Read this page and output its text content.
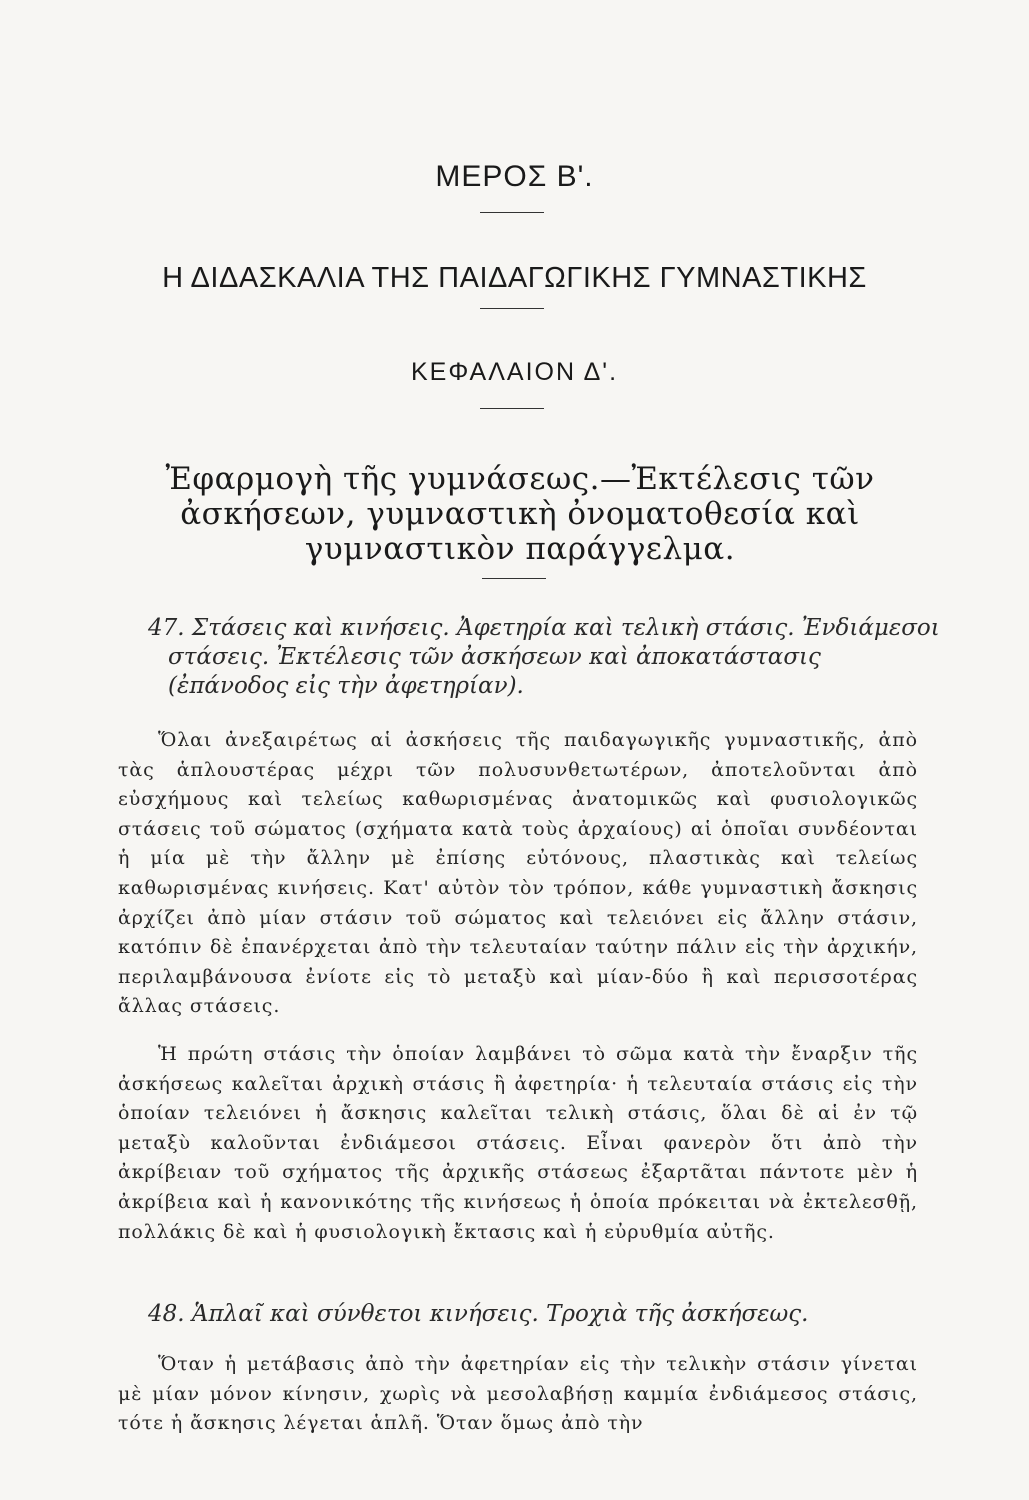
ΜΕΡΟΣ Β'.
Η ΔΙΔΑΣΚΑΛΙΑ ΤΗΣ ΠΑΙΔΑΓΩΓΙΚΗΣ ΓΥΜΝΑΣΤΙΚΗΣ
ΚΕΦΑΛΑΙΟΝ Δ'.
Ἐφαρμογὴ τῆς γυμνάσεως.—Ἐκτέλεσις τῶν ἀσκήσεων, γυμναστικὴ ὀνοματοθεσία καὶ γυμναστικὸν παράγγελμα.
47. Στάσεις καὶ κινήσεις. Ἀφετηρία καὶ τελικὴ στάσις. Ἐνδιάμεσοι στάσεις. Ἐκτέλεσις τῶν ἀσκήσεων καὶ ἀποκατάστασις (ἐπάνοδος εἰς τὴν ἀφετηρίαν).

Ὅλαι ἀνεξαιρέτως αἱ ἀσκήσεις τῆς παιδαγωγικῆς γυμναστικῆς, ἀπὸ τὰς ἁπλουστέρας μέχρι τῶν πολυσυνθετωτέρων, ἀποτελοῦνται ἀπὸ εὐσχήμους καὶ τελείως καθωρισμένας ἀνατομικῶς καὶ φυσιολογικῶς στάσεις τοῦ σώματος (σχήματα κατὰ τοὺς ἀρχαίους) αἱ ὁποῖαι συνδέονται ἡ μία μὲ τὴν ἄλλην μὲ ἐπίσης εὐτόνους, πλαστικὰς καὶ τελείως καθωρισμένας κινήσεις. Κατ' αὐτὸν τὸν τρόπον, κάθε γυμναστικὴ ἄσκησις ἀρχίζει ἀπὸ μίαν στάσιν τοῦ σώματος καὶ τελειόνει εἰς ἄλλην στάσιν, κατόπιν δὲ ἐπανέρχεται ἀπὸ τὴν τελευταίαν ταύτην πάλιν εἰς τὴν ἀρχικήν, περιλαμβάνουσα ἐνίοτε εἰς τὸ μεταξὺ καὶ μίαν-δύο ἢ καὶ περισσοτέρας ἄλλας στάσεις.

Ἡ πρώτη στάσις τὴν ὁποίαν λαμβάνει τὸ σῶμα κατὰ τὴν ἔναρξιν τῆς ἀσκήσεως καλεῖται ἀρχικὴ στάσις ἢ ἀφετηρία· ἡ τελευταία στάσις εἰς τὴν ὁποίαν τελειόνει ἡ ἄσκησις καλεῖται τελικὴ στάσις, ὅλαι δὲ αἱ ἐν τῷ μεταξὺ καλοῦνται ἐνδιάμεσοι στάσεις. Εἶναι φανερὸν ὅτι ἀπὸ τὴν ἀκρίβειαν τοῦ σχήματος τῆς ἀρχικῆς στάσεως ἐξαρτᾶται πάντοτε μὲν ἡ ἀκρίβεια καὶ ἡ κανονικότης τῆς κινήσεως ἡ ὁποία πρόκειται νὰ ἐκτελεσθῇ, πολλάκις δὲ καὶ ἡ φυσιολογικὴ ἔκτασις καὶ ἡ εὐρυθμία αὐτῆς.

48. Ἁπλαῖ καὶ σύνθετοι κινήσεις. Τροχιὰ τῆς ἀσκήσεως.

Ὅταν ἡ μετάβασις ἀπὸ τὴν ἀφετηρίαν εἰς τὴν τελικὴν στάσιν γίνεται μὲ μίαν μόνον κίνησιν, χωρὶς νὰ μεσολαβήσῃ καμμία ἐνδιάμεσος στάσις, τότε ἡ ἄσκησις λέγεται ἁπλῆ. Ὅταν ὅμως ἀπὸ τὴν
